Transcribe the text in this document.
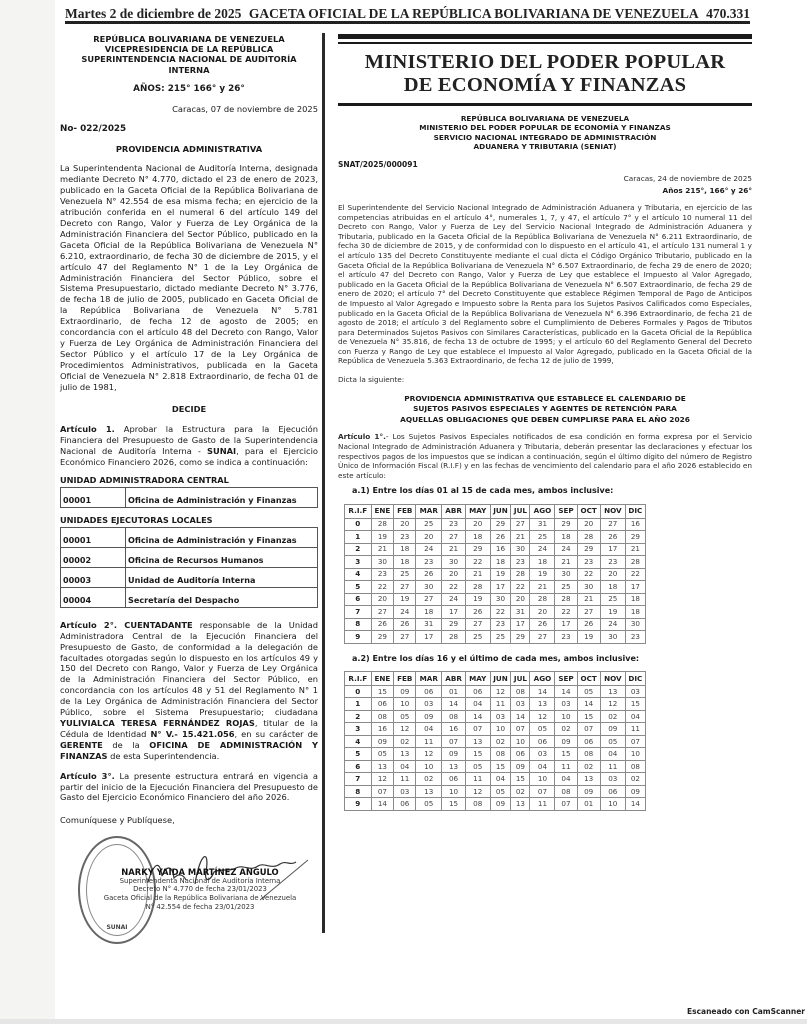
Martes 2 de diciembre de 2025 GACETA OFICIAL DE LA REPÚBLICA BOLIVARIANA DE VENEZUELA 470.331
REPÚBLICA BOLIVARIANA DE VENEZUELA
VICEPRESIDENCIA DE LA REPÚBLICA
SUPERINTENDENCIA NACIONAL DE AUDITORÍA
INTERNA
AÑOS: 215° 166° y 26°
Caracas, 07 de noviembre de 2025
No- 022/2025
PROVIDENCIA ADMINISTRATIVA
La Superintendenta Nacional de Auditoría Interna, designada mediante Decreto N° 4.770, dictado el 23 de enero de 2023, publicado en la Gaceta Oficial de la República Bolivariana de Venezuela N° 42.554 de esa misma fecha; en ejercicio de la atribución conferida en el numeral 6 del artículo 149 del Decreto con Rango, Valor y Fuerza de Ley Orgánica de la Administración Financiera del Sector Público, publicado en la Gaceta Oficial de la República Bolivariana de Venezuela N° 6.210, extraordinario, de fecha 30 de diciembre de 2015, y el artículo 47 del Reglamento N° 1 de la Ley Orgánica de Administración Financiera del Sector Público, sobre el Sistema Presupuestario, dictado mediante Decreto N° 3.776, de fecha 18 de julio de 2005, publicado en Gaceta Oficial de la República Bolivariana de Venezuela N° 5.781 Extraordinario, de fecha 12 de agosto de 2005; en concordancia con el artículo 48 del Decreto con Rango, Valor y Fuerza de Ley Orgánica de Administración Financiera del Sector Público y el artículo 17 de la Ley Orgánica de Procedimientos Administrativos, publicada en la Gaceta Oficial de Venezuela N° 2.818 Extraordinario, de fecha 01 de julio de 1981,
DECIDE
Artículo 1. Aprobar la Estructura para la Ejecución Financiera del Presupuesto de Gasto de la Superintendencia Nacional de Auditoría Interna - SUNAI, para el Ejercicio Económico Financiero 2026, como se indica a continuación:
UNIDAD ADMINISTRADORA CENTRAL
00001	Oficina de Administración y Finanzas
UNIDADES EJECUTORAS LOCALES
00001	Oficina de Administración y Finanzas
00002	Oficina de Recursos Humanos
00003	Unidad de Auditoría Interna
00004	Secretaría del Despacho
Artículo 2°. CUENTADANTE responsable de la Unidad Administradora Central de la Ejecución Financiera del Presupuesto de Gasto, de conformidad a la delegación de facultades otorgadas según lo dispuesto en los artículos 49 y 150 del Decreto con Rango, Valor y Fuerza de Ley Orgánica de la Administración Financiera del Sector Público, en concordancia con los artículos 48 y 51 del Reglamento N° 1 de la Ley Orgánica de Administración Financiera del Sector Público, sobre el Sistema Presupuestario; ciudadana YULIVIALCA TERESA FERNÁNDEZ ROJAS, titular de la Cédula de Identidad N° V.- 15.421.056, en su carácter de GERENTE de la OFICINA DE ADMINISTRACIÓN Y FINANZAS de esta Superintendencia.
Artículo 3°. La presente estructura entrará en vigencia a partir del inicio de la Ejecución Financiera del Presupuesto de Gasto del Ejercicio Económico Financiero del año 2026.
Comuníquese y Publíquese,
SUNAI
NARKY YAIDA MARTÍNEZ ANGULO
Superintendenta Nacional de Auditoría Interna
Decreto N° 4.770 de fecha 23/01/2023
Gaceta Oficial de la República Bolivariana de Venezuela
N° 42.554 de fecha 23/01/2023
MINISTERIO DEL PODER POPULAR
DE ECONOMÍA Y FINANZAS
REPÚBLICA BOLIVARIANA DE VENEZUELA
MINISTERIO DEL PODER POPULAR DE ECONOMÍA Y FINANZAS
SERVICIO NACIONAL INTEGRADO DE ADMINISTRACIÓN
ADUANERA Y TRIBUTARIA (SENIAT)
SNAT/2025/000091
Caracas, 24 de noviembre de 2025
Años 215°, 166° y 26°
El Superintendente del Servicio Nacional Integrado de Administración Aduanera y Tributaria, en ejercicio de las competencias atribuidas en el artículo 4°, numerales 1, 7, y 47, el artículo 7° y el artículo 10 numeral 11 del Decreto con Rango, Valor y Fuerza de Ley del Servicio Nacional Integrado de Administración Aduanera y Tributaria, publicado en la Gaceta Oficial de la República Bolivariana de Venezuela N° 6.211 Extraordinario, de fecha 30 de diciembre de 2015, y de conformidad con lo dispuesto en el artículo 41, el artículo 131 numeral 1 y el artículo 135 del Decreto Constituyente mediante el cual dicta el Código Orgánico Tributario, publicado en la Gaceta Oficial de la República Bolivariana de Venezuela N° 6.507 Extraordinario, de fecha 29 de enero de 2020; el artículo 47 del Decreto con Rango, Valor y Fuerza de Ley que establece el Impuesto al Valor Agregado, publicado en la Gaceta Oficial de la República Bolivariana de Venezuela N° 6.507 Extraordinario, de fecha 29 de enero de 2020; el artículo 7° del Decreto Constituyente que establece Régimen Temporal de Pago de Anticipos de Impuesto al Valor Agregado e Impuesto sobre la Renta para los Sujetos Pasivos Calificados como Especiales, publicado en la Gaceta Oficial de la República Bolivariana de Venezuela N° 6.396 Extraordinario, de fecha 21 de agosto de 2018; el artículo 3 del Reglamento sobre el Cumplimiento de Deberes Formales y Pagos de Tributos para Determinados Sujetos Pasivos con Similares Características, publicado en la Gaceta Oficial de la República de Venezuela N° 35.816, de fecha 13 de octubre de 1995; y el artículo 60 del Reglamento General del Decreto con Fuerza y Rango de Ley que establece el Impuesto al Valor Agregado, publicado en la Gaceta Oficial de la República de Venezuela 5.363 Extraordinario, de fecha 12 de julio de 1999,
Dicta la siguiente:
PROVIDENCIA ADMINISTRATIVA QUE ESTABLECE EL CALENDARIO DE
SUJETOS PASIVOS ESPECIALES Y AGENTES DE RETENCIÓN PARA
AQUELLAS OBLIGACIONES QUE DEBEN CUMPLIRSE PARA EL AÑO 2026
Artículo 1°.- Los Sujetos Pasivos Especiales notificados de esa condición en forma expresa por el Servicio Nacional Integrado de Administración Aduanera y Tributaria, deberán presentar las declaraciones y efectuar los respectivos pagos de los impuestos que se indican a continuación, según el último dígito del número de Registro Único de Información Fiscal (R.I.F) y en las fechas de vencimiento del calendario para el año 2026 establecido en este artículo:
a.1) Entre los días 01 al 15 de cada mes, ambos inclusive:
R.I.F	ENE	FEB	MAR	ABR	MAY	JUN	JUL	AGO	SEP	OCT	NOV	DIC
0	28	20	25	23	20	29	27	31	29	20	27	16
1	19	23	20	27	18	26	21	25	18	28	26	29
2	21	18	24	21	29	16	30	24	24	29	17	21
3	30	18	23	30	22	18	23	18	21	23	23	28
4	23	25	26	20	21	19	28	19	30	22	20	22
5	22	27	30	22	28	17	22	21	25	30	18	17
6	20	19	27	24	19	30	20	28	28	21	25	18
7	27	24	18	17	26	22	31	20	22	27	19	18
8	26	26	31	29	27	23	17	26	17	26	24	30
9	29	27	17	28	25	25	29	27	23	19	30	23
a.2) Entre los días 16 y el último de cada mes, ambos inclusive:
R.I.F	ENE	FEB	MAR	ABR	MAY	JUN	JUL	AGO	SEP	OCT	NOV	DIC
0	15	09	06	01	06	12	08	14	14	05	13	03
1	06	10	03	14	04	11	03	13	03	14	12	15
2	08	05	09	08	14	03	14	12	10	15	02	04
3	16	12	04	16	07	10	07	05	02	07	09	11
4	09	02	11	07	13	02	10	06	09	06	05	07
5	05	13	12	09	15	08	06	03	15	08	04	10
6	13	04	10	13	05	15	09	04	11	02	11	08
7	12	11	02	06	11	04	15	10	04	13	03	02
8	07	03	13	10	12	05	02	07	08	09	06	09
9	14	06	05	15	08	09	13	11	07	01	10	14
Escaneado con CamScanner
